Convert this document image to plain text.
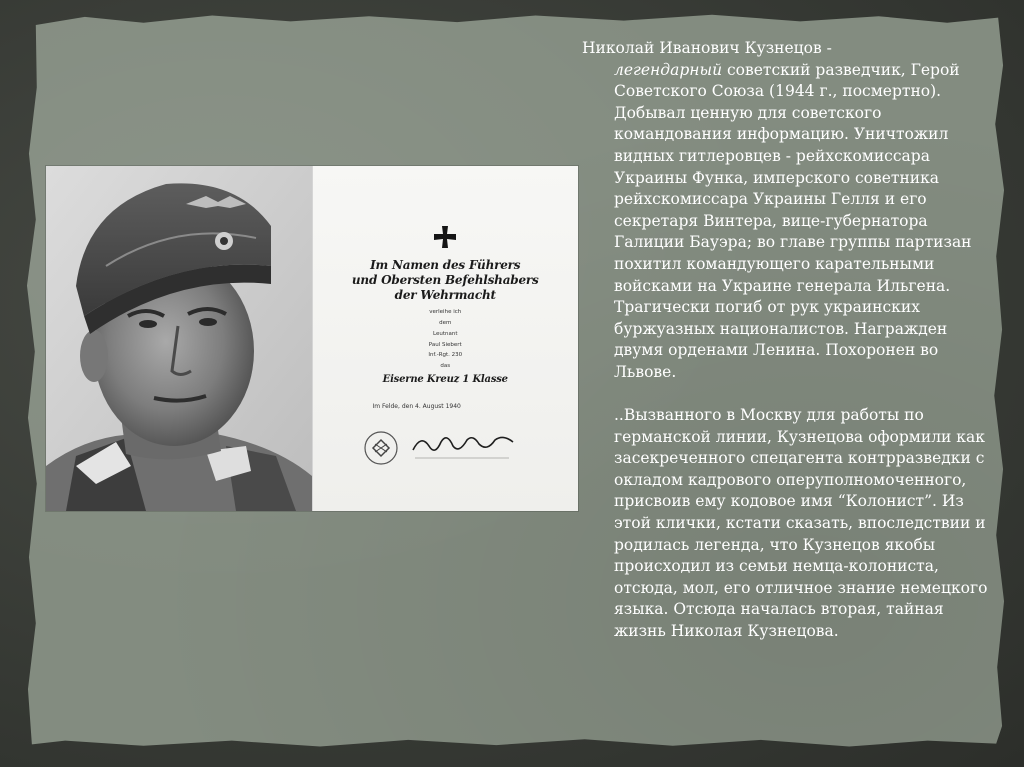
Im Namen des Führers
und Obersten Befehlshabers
der Wehrmacht
verleihe ich
dem
Leutnant
Paul Siebert
Inf.-Rgt. 230
das
Eiserne Kreuz 1 Klasse
Im Felde, den 4. August 1940

Николай Иванович Кузнецов -
легендарный советский разведчик, Герой Советского Союза (1944 г., посмертно). Добывал ценную для советского командования информацию. Уничтожил видных гитлеровцев - рейхскомиссара Украины Функа, имперского советника рейхскомиссара Украины Гелля и его секретаря Винтера, вице-губернатора Галиции Бауэра; во главе группы партизан похитил командующего карательными войсками на Украине генерала Ильгена. Трагически погиб от рук украинских буржуазных националистов. Награжден двумя орденами Ленина. Похоронен во Львове.

..Вызванного в Москву для работы по германской линии, Кузнецова оформили как засекреченного спецагента контрразведки с окладом кадрового оперуполномоченного, присвоив ему кодовое имя “Колонист”. Из этой клички, кстати сказать, впоследствии и родилась легенда, что Кузнецов якобы происходил из семьи немца-колониста, отсюда, мол, его отличное знание немецкого языка. Отсюда началась вторая, тайная жизнь Николая Кузнецова.
